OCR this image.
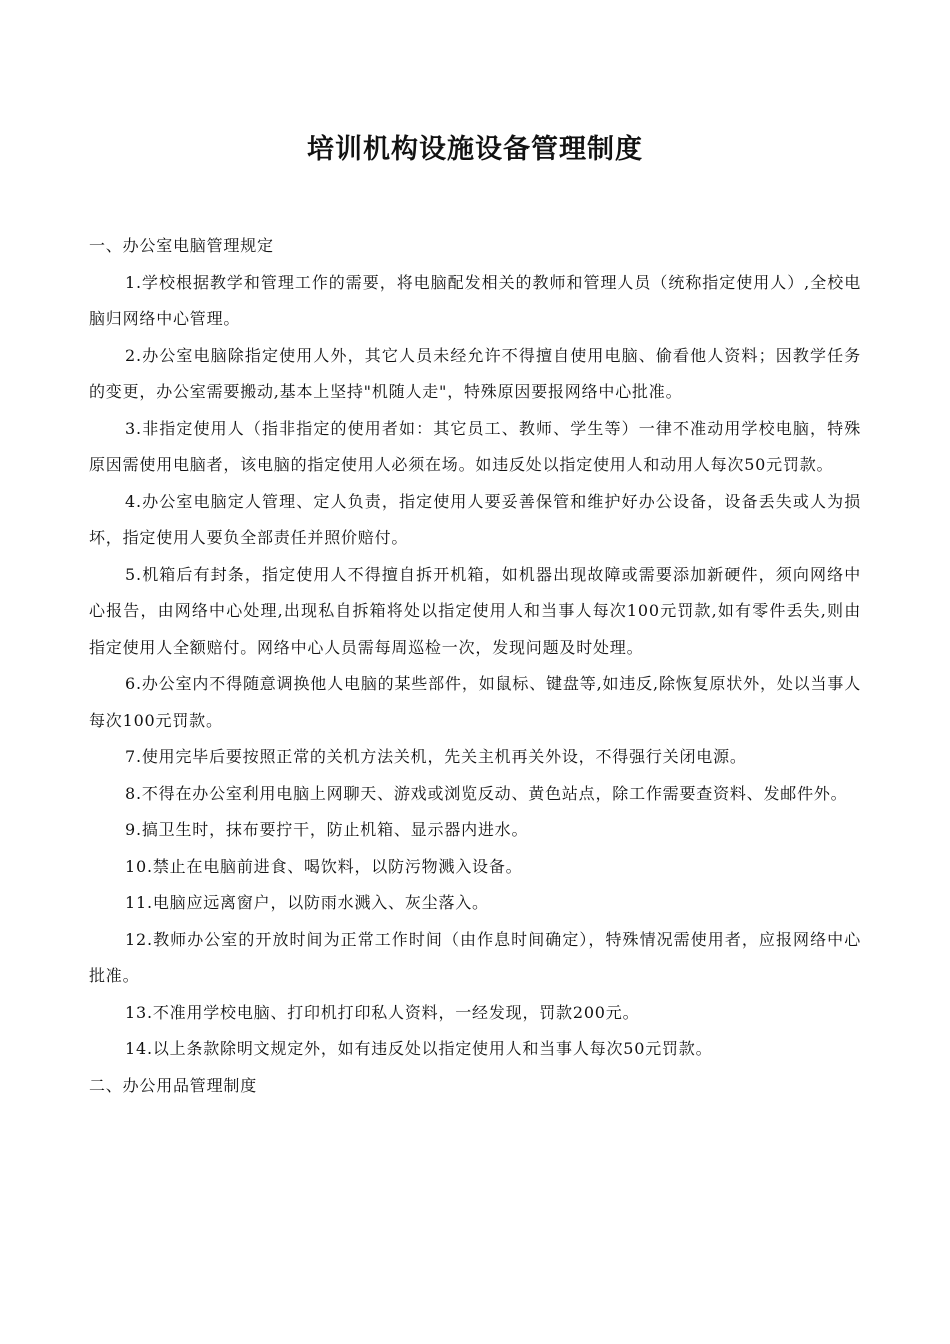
培训机构设施设备管理制度

一、办公室电脑管理规定

1.学校根据教学和管理工作的需要，将电脑配发相关的教师和管理人员（统称指定使用人）,全校电脑归网络中心管理。

2.办公室电脑除指定使用人外，其它人员未经允许不得擅自使用电脑、偷看他人资料；因教学任务的变更，办公室需要搬动,基本上坚持"机随人走"，特殊原因要报网络中心批准。

3.非指定使用人（指非指定的使用者如：其它员工、教师、学生等）一律不准动用学校电脑，特殊原因需使用电脑者，该电脑的指定使用人必须在场。如违反处以指定使用人和动用人每次50元罚款。

4.办公室电脑定人管理、定人负责，指定使用人要妥善保管和维护好办公设备，设备丢失或人为损坏，指定使用人要负全部责任并照价赔付。

5.机箱后有封条，指定使用人不得擅自拆开机箱，如机器出现故障或需要添加新硬件，须向网络中心报告，由网络中心处理,出现私自拆箱将处以指定使用人和当事人每次100元罚款,如有零件丢失,则由指定使用人全额赔付。网络中心人员需每周巡检一次，发现问题及时处理。

6.办公室内不得随意调换他人电脑的某些部件，如鼠标、键盘等,如违反,除恢复原状外，处以当事人每次100元罚款。

7.使用完毕后要按照正常的关机方法关机，先关主机再关外设，不得强行关闭电源。

8.不得在办公室利用电脑上网聊天、游戏或浏览反动、黄色站点，除工作需要查资料、发邮件外。

9.搞卫生时，抹布要拧干，防止机箱、显示器内进水。

10.禁止在电脑前进食、喝饮料，以防污物溅入设备。

11.电脑应远离窗户，以防雨水溅入、灰尘落入。

12.教师办公室的开放时间为正常工作时间（由作息时间确定），特殊情况需使用者，应报网络中心批准。

13.不准用学校电脑、打印机打印私人资料，一经发现，罚款200元。

14.以上条款除明文规定外，如有违反处以指定使用人和当事人每次50元罚款。

二、办公用品管理制度
